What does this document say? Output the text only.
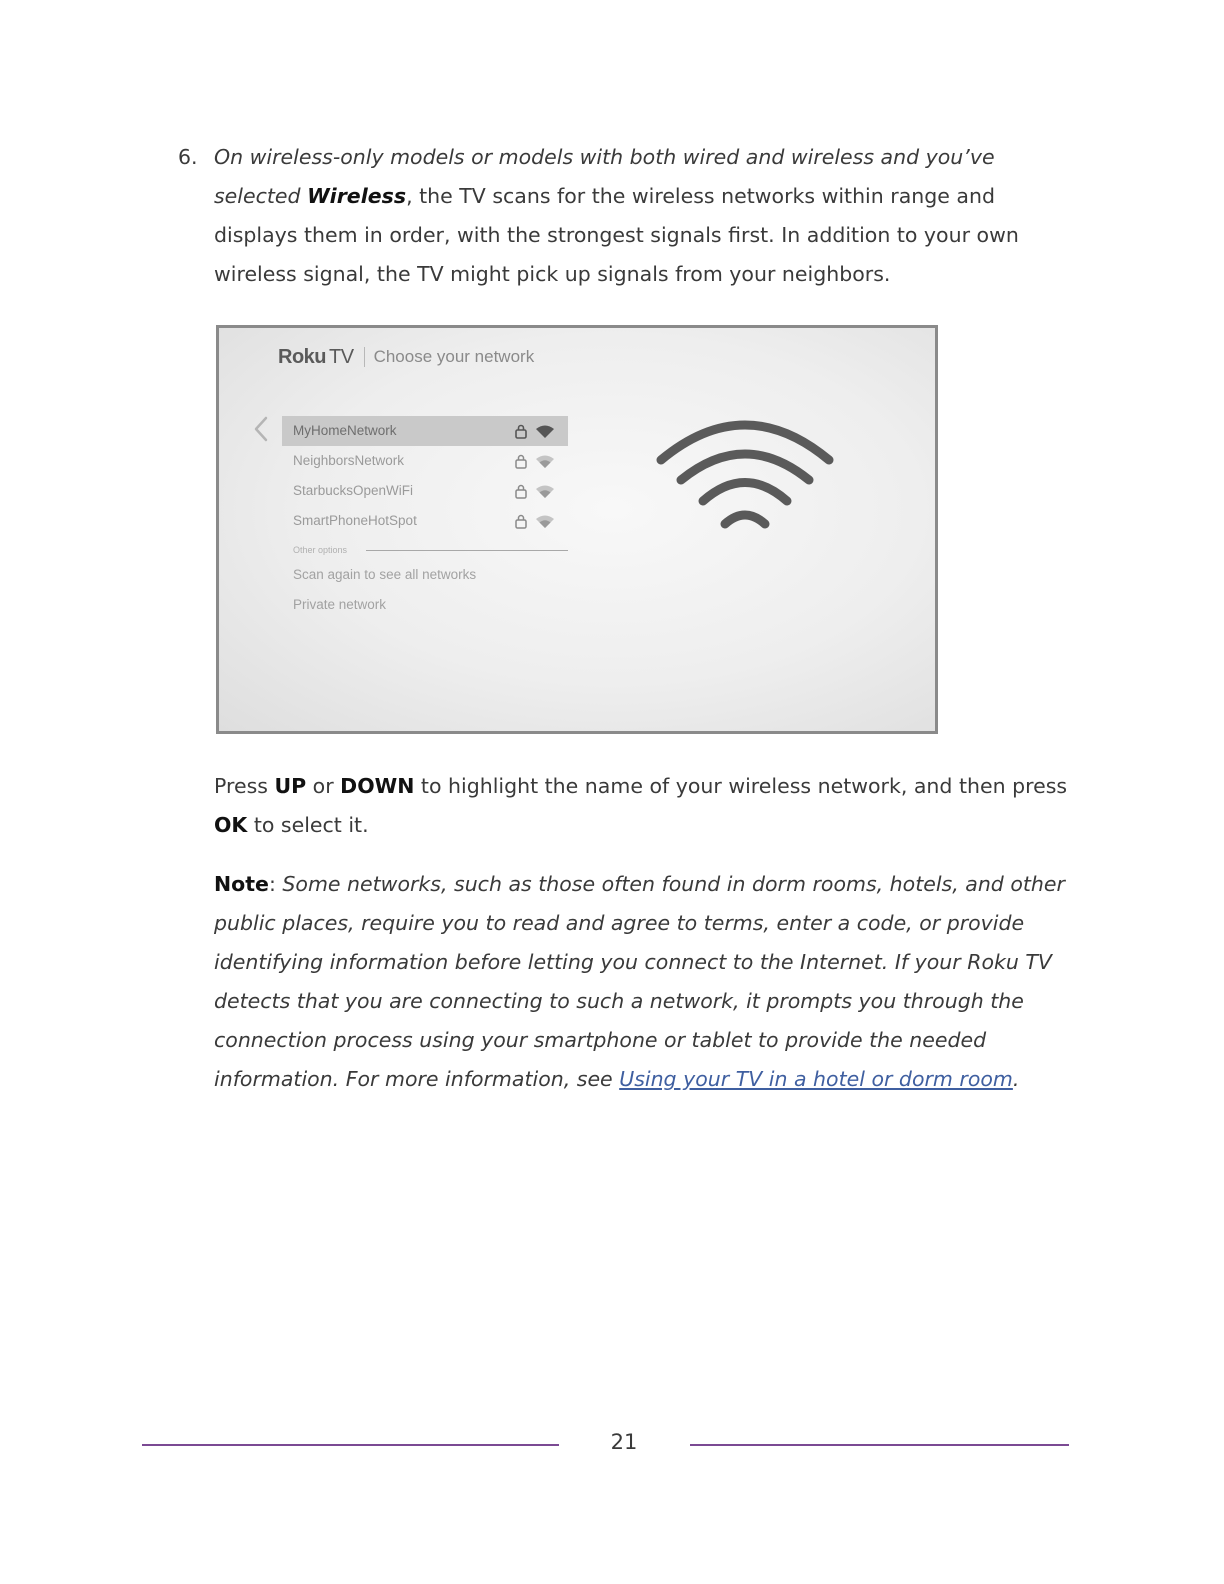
6. On wireless-only models or models with both wired and wireless and you’ve selected Wireless, the TV scans for the wireless networks within range and displays them in order, with the strongest signals first. In addition to your own wireless signal, the TV might pick up signals from your neighbors.
Roku TV Choose your network
MyHomeNetwork
NeighborsNetwork
StarbucksOpenWiFi
SmartPhoneHotSpot
Other options
Scan again to see all networks
Private network
Press UP or DOWN to highlight the name of your wireless network, and then press OK to select it.
Note: Some networks, such as those often found in dorm rooms, hotels, and other public places, require you to read and agree to terms, enter a code, or provide identifying information before letting you connect to the Internet. If your Roku TV detects that you are connecting to such a network, it prompts you through the connection process using your smartphone or tablet to provide the needed information. For more information, see Using your TV in a hotel or dorm room.
21
